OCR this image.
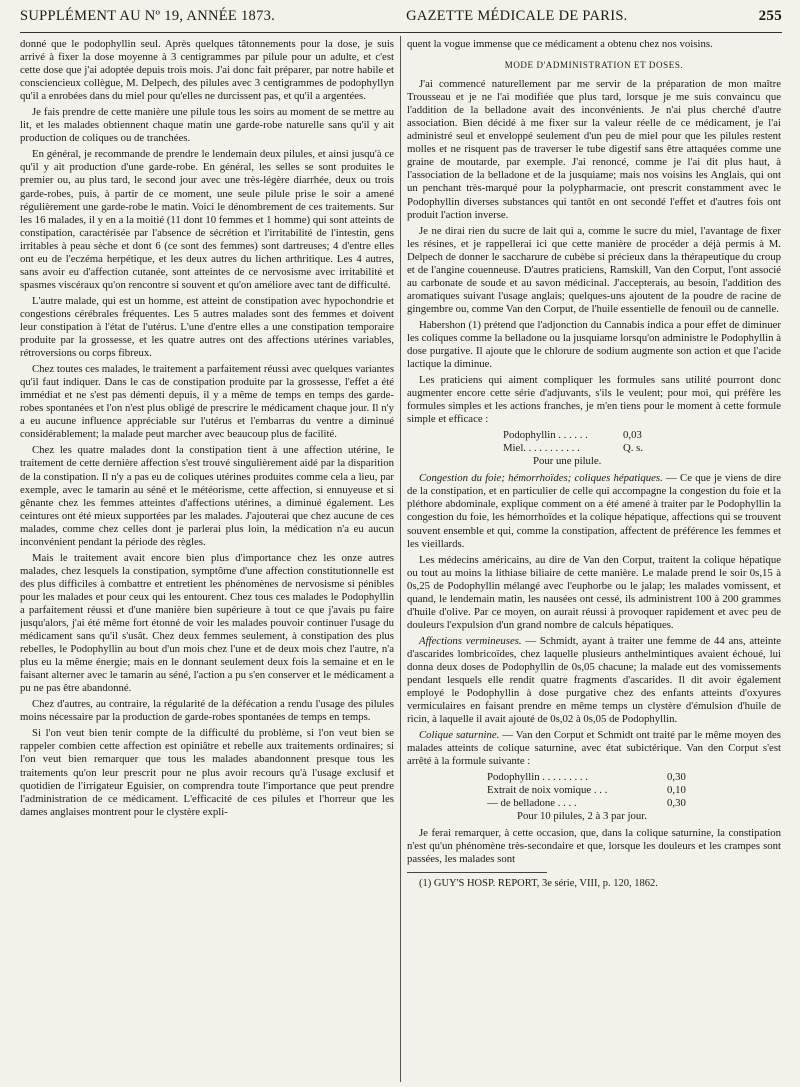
SUPPLÉMENT AU Nº 19, ANNÉE 1873.	GAZETTE MÉDICALE DE PARIS.	255

donné que le podophyllin seul. Après quelques tâtonnements pour la dose, je suis arrivé à fixer la dose moyenne à 3 centigrammes par pilule pour un adulte, et c'est cette dose que j'ai adoptée depuis trois mois. J'ai donc fait préparer, par notre habile et consciencieux collègue, M. Delpech, des pilules avec 3 centigrammes de podophyllyn qu'il a enrobées dans du miel pour qu'elles ne durcissent pas, et qu'il a argentées.

Je fais prendre de cette manière une pilule tous les soirs au moment de se mettre au lit, et les malades obtiennent chaque matin une garde-robe naturelle sans qu'il y ait production de coliques ou de tranchées.

En général, je recommande de prendre le lendemain deux pilules, et ainsi jusqu'à ce qu'il y ait production d'une garde-robe. En général, les selles se sont produites le premier ou, au plus tard, le second jour avec une très-légère diarrhée, deux ou trois garde-robes, puis, à partir de ce moment, une seule pilule prise le soir a amené régulièrement une garde-robe le matin. Voici le dénombrement de ces traitements. Sur les 16 malades, il y en a la moitié (11 dont 10 femmes et 1 homme) qui sont atteints de constipation, caractérisée par l'absence de sécrétion et l'irritabilité de l'intestin, gens irritables à peau sèche et dont 6 (ce sont des femmes) sont dartreuses; 4 d'entre elles ont eu de l'eczéma herpétique, et les deux autres du lichen arthritique. Les 4 autres, sans avoir eu d'affection cutanée, sont atteintes de ce nervosisme avec irritabilité et spasmes viscéraux qu'on rencontre si souvent et qu'on améliore avec tant de difficulté.

L'autre malade, qui est un homme, est atteint de constipation avec hypochondrie et congestions cérébrales fréquentes. Les 5 autres malades sont des femmes et doivent leur constipation à l'état de l'utérus. L'une d'entre elles a une constipation temporaire produite par la grossesse, et les quatre autres ont des affections utérines variables, rétroversions ou corps fibreux.

Chez toutes ces malades, le traitement a parfaitement réussi avec quelques variantes qu'il faut indiquer. Dans le cas de constipation produite par la grossesse, l'effet a été immédiat et ne s'est pas démenti depuis, il y a même de temps en temps des garde-robes spontanées et l'on n'est plus obligé de prescrire le médicament chaque jour. Il n'y a eu aucune influence appréciable sur l'utérus et l'embarras du ventre a diminué considérablement; la malade peut marcher avec beaucoup plus de facilité.

Chez les quatre malades dont la constipation tient à une affection utérine, le traitement de cette dernière affection s'est trouvé singulièrement aidé par la disparition de la constipation. Il n'y a pas eu de coliques utérines produites comme cela a lieu, par exemple, avec le tamarin au séné et le météorisme, cette affection, si ennuyeuse et si gênante chez les femmes atteintes d'affections utérines, a diminué également. Les ceintures ont été mieux supportées par les malades. J'ajouterai que chez aucune de ces malades, comme chez celles dont je parlerai plus loin, la médication n'a eu aucun inconvénient pendant la période des règles.

Mais le traitement avait encore bien plus d'importance chez les onze autres malades, chez lesquels la constipation, symptôme d'une affection constitutionnelle est des plus difficiles à combattre et entretient les phénomènes de nervosisme si pénibles pour les malades et pour ceux qui les entourent. Chez tous ces malades le Podophyllin a parfaitement réussi et d'une manière bien supérieure à tout ce que j'avais pu faire jusqu'alors, j'ai été même fort étonné de voir les malades pouvoir continuer l'usage du médicament sans qu'il s'usât. Chez deux femmes seulement, à constipation des plus rebelles, le Podophyllin au bout d'un mois chez l'une et de deux mois chez l'autre, n'a plus eu la même énergie; mais en le donnant seulement deux fois la semaine et en le faisant alterner avec le tamarin au séné, l'action a pu s'en conserver et le médicament a pu ne pas être abandonné.

Chez d'autres, au contraire, la régularité de la défécation a rendu l'usage des pilules moins nécessaire par la production de garde-robes spontanées de temps en temps.

Si l'on veut bien tenir compte de la difficulté du problème, si l'on veut bien se rappeler combien cette affection est opiniâtre et rebelle aux traitements ordinaires; si l'on veut bien remarquer que tous les malades abandonnent presque tous les traitements qu'on leur prescrit pour ne plus avoir recours qu'à l'usage exclusif et quotidien de l'irrigateur Eguisier, on comprendra toute l'importance que peut prendre l'administration de ce médicament. L'efficacité de ces pilules et l'horreur que les dames anglaises montrent pour le clystère expli-

quent la vogue immense que ce médicament a obtenu chez nos voisins.

MODE D'ADMINISTRATION ET DOSES.

J'ai commencé naturellement par me servir de la préparation de mon maître Trousseau et je ne l'ai modifiée que plus tard, lorsque je me suis convaincu que l'addition de la belladone avait des inconvénients. Je n'ai plus cherché d'autre association. Bien décidé à me fixer sur la valeur réelle de ce médicament, je l'ai administré seul et enveloppé seulement d'un peu de miel pour que les pilules restent molles et ne risquent pas de traverser le tube digestif sans être attaquées comme une graine de moutarde, par exemple. J'ai renoncé, comme je l'ai dit plus haut, à l'association de la belladone et de la jusquiame; mais nos voisins les Anglais, qui ont un penchant très-marqué pour la polypharmacie, ont prescrit constamment avec le Podophyllin diverses substances qui tantôt en ont secondé l'effet et d'autres fois ont produit l'action inverse.

Je ne dirai rien du sucre de lait qui a, comme le sucre du miel, l'avantage de fixer les résines, et je rappellerai ici que cette manière de procéder a déjà permis à M. Delpech de donner le saccharure de cubèbe si précieux dans la thérapeutique du croup et de l'angine couenneuse. D'autres praticiens, Ramskill, Van den Corput, l'ont associé au carbonate de soude et au savon médicinal. J'accepterais, au besoin, l'addition des aromatiques suivant l'usage anglais; quelques-uns ajoutent de la poudre de racine de gingembre ou, comme Van den Corput, de l'huile essentielle de fenouil ou de cannelle.

Habershon (1) prétend que l'adjonction du Cannabis indica a pour effet de diminuer les coliques comme la belladone ou la jusquiame lorsqu'on administre le Podophyllin à dose purgative. Il ajoute que le chlorure de sodium augmente son action et que l'acide lactique la diminue.

Les praticiens qui aiment compliquer les formules sans utilité pourront donc augmenter encore cette série d'adjuvants, s'ils le veulent; pour moi, qui préfère les formules simples et les actions franches, je m'en tiens pour le moment à cette formule simple et efficace :

Podophyllin . . . . . .	0,03
Miel. . . . . . . . . . .	Q. s.
Pour une pilule.

Congestion du foie; hémorrhoïdes; coliques hépatiques. — Ce que je viens de dire de la constipation, et en particulier de celle qui accompagne la congestion du foie et la pléthore abdominale, explique comment on a été amené à traiter par le Podophyllin la congestion du foie, les hémorrhoïdes et la colique hépatique, affections qui se trouvent souvent ensemble et qui, comme la constipation, affectent de préférence les femmes et les vieillards.

Les médecins américains, au dire de Van den Corput, traitent la colique hépatique ou tout au moins la lithiase biliaire de cette manière. Le malade prend le soir 0s,15 à 0s,25 de Podophyllin mélangé avec l'euphorbe ou le jalap; les malades vomissent, et quand, le lendemain matin, les nausées ont cessé, ils administrent 100 à 200 grammes d'huile d'olive. Par ce moyen, on aurait réussi à provoquer rapidement et avec peu de douleurs l'expulsion d'un grand nombre de calculs hépatiques.

Affections vermineuses. — Schmidt, ayant à traiter une femme de 44 ans, atteinte d'ascarides lombricoïdes, chez laquelle plusieurs anthelmintiques avaient échoué, lui donna deux doses de Podophyllin de 0s,05 chacune; la malade eut des vomissements pendant lesquels elle rendit quatre fragments d'ascarides. Il dit avoir également employé le Podophyllin à dose purgative chez des enfants atteints d'oxyures vermiculaires en faisant prendre en même temps un clystère d'émulsion d'huile de ricin, à laquelle il avait ajouté de 0s,02 à 0s,05 de Podophyllin.

Colique saturnine. — Van den Corput et Schmidt ont traité par le même moyen des malades atteints de colique saturnine, avec état subictérique. Van den Corput s'est arrêté à la formule suivante :

Podophyllin . . . . . . . . .	0,30
Extrait de noix vomique . . .	0,10
— de belladone . . . .	0,30
Pour 10 pilules, 2 à 3 par jour.

Je ferai remarquer, à cette occasion, que, dans la colique saturnine, la constipation n'est qu'un phénomène très-secondaire et que, lorsque les douleurs et les crampes sont passées, les malades sont

(1) GUY'S HOSP. REPORT, 3e série, VIII, p. 120, 1862.
